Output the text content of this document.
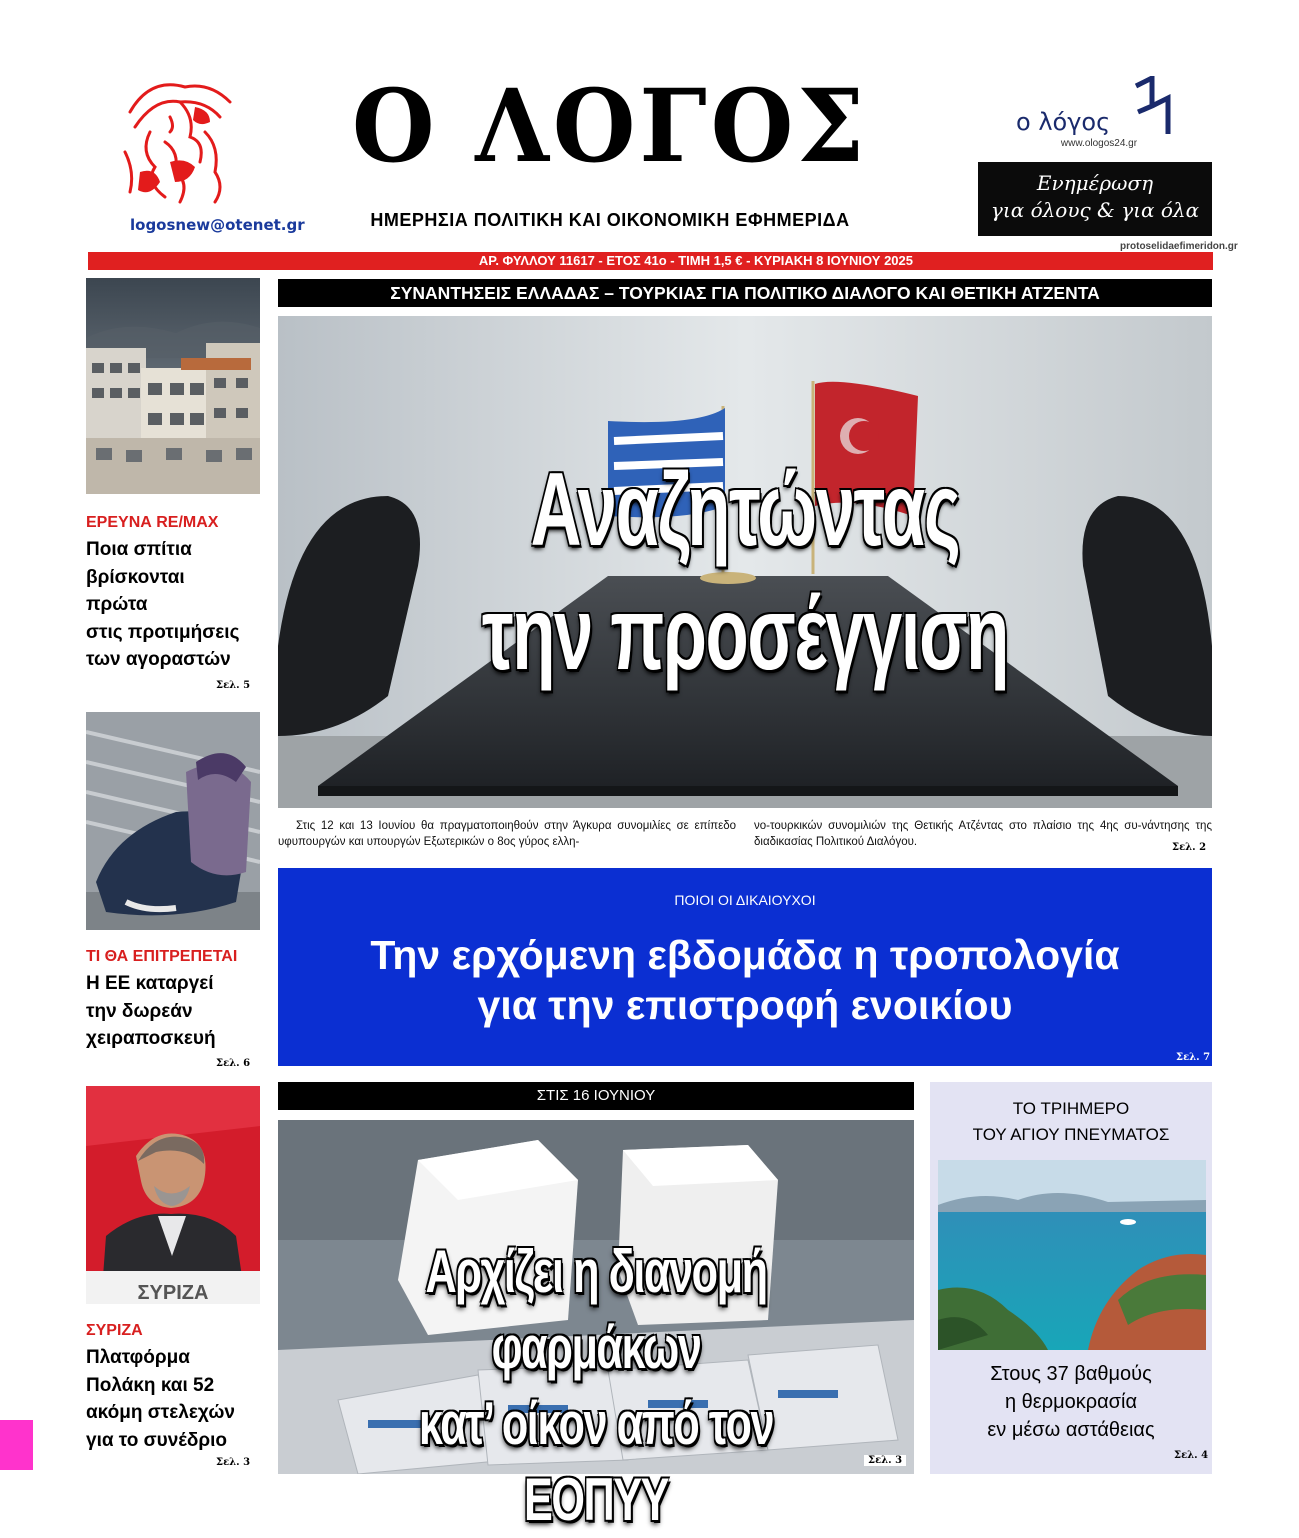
logosnew@otenet.gr
Ο ΛΟΓΟΣ
ΗΜΕΡΗΣΙΑ ΠΟΛΙΤΙΚΗ ΚΑΙ ΟΙΚΟΝΟΜΙΚΗ ΕΦΗΜΕΡΙΔΑ
ο λόγος
www.ologos24.gr
Ενημέρωση
για όλους & για όλα
protoselidaefimeridon.gr
ΑΡ. ΦΥΛΛΟΥ 11617 - ΕΤΟΣ 41ο - ΤΙΜΗ 1,5 € - ΚΥΡΙΑΚΗ 8 ΙΟΥΝΙΟΥ 2025
ΕΡΕΥΝΑ RE/MAX
Ποια σπίτια
βρίσκονται
πρώτα
στις προτιμήσεις
των αγοραστών
Σελ. 5
ΤΙ ΘΑ ΕΠΙΤΡΕΠΕΤΑΙ
Η ΕΕ καταργεί
την δωρεάν
χειραποσκευή
Σελ. 6
ΣΥΡΙΖΑ
ΣΥΡΙΖΑ
Πλατφόρμα
Πολάκη και 52
ακόμη στελεχών
για το συνέδριο
Σελ. 3
ΣΥΝΑΝΤΗΣΕΙΣ ΕΛΛΑΔΑΣ – ΤΟΥΡΚΙΑΣ ΓΙΑ ΠΟΛΙΤΙΚΟ ΔΙΑΛΟΓΟ ΚΑΙ ΘΕΤΙΚΗ ΑΤΖΕΝΤΑ
Αναζητώντας
την προσέγγιση
Στις 12 και 13 Ιουνίου θα πραγματοποιηθούν στην Άγκυρα συνομιλίες σε επίπεδο υφυπουργών και υπουργών Εξωτερικών ο 8ος γύρος ελλη-
νο-τουρκικών συνομιλιών της Θετικής Ατζέντας στο πλαίσιο της 4ης συ-νάντησης της διαδικασίας Πολιτικού Διαλόγου.	Σελ. 2
ΠΟΙΟΙ ΟΙ ΔΙΚΑΙΟΥΧΟΙ
Την ερχόμενη εβδομάδα η τροπολογία
για την επιστροφή ενοικίου
Σελ. 7
ΣΤΙΣ 16 ΙΟΥΝΙΟΥ
Αρχίζει η διανομή φαρμάκων
κατ’ οίκον από τον ΕΟΠΥΥ
Σελ. 3
ΤΟ ΤΡΙΗΜΕΡΟ
ΤΟΥ ΑΓΙΟΥ ΠΝΕΥΜΑΤΟΣ
Στους 37 βαθμούς
η θερμοκρασία
εν μέσω αστάθειας
Σελ. 4
